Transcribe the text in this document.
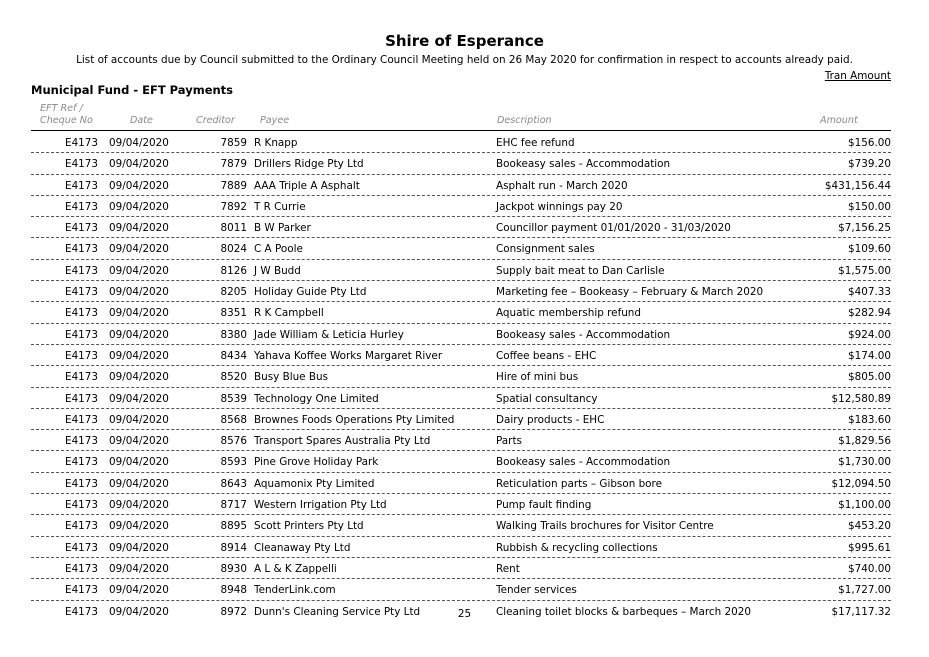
Shire of Esperance
List of accounts due by Council submitted to the Ordinary Council Meeting held on 26 May 2020 for confirmation in respect to accounts already paid.
Tran Amount
Municipal Fund - EFT Payments
EFT Ref /
Cheque No	Date	Creditor	Payee	Description	Amount
E4173 09/04/2020	7859 R Knapp	EHC fee refund	$156.00
E4173 09/04/2020	7879 Drillers Ridge Pty Ltd	Bookeasy sales - Accommodation	$739.20
E4173 09/04/2020	7889 AAA Triple A Asphalt	Asphalt run - March 2020	$431,156.44
E4173 09/04/2020	7892 T R Currie	Jackpot winnings pay 20	$150.00
E4173 09/04/2020	8011 B W Parker	Councillor payment 01/01/2020 - 31/03/2020	$7,156.25
E4173 09/04/2020	8024 C A Poole	Consignment sales	$109.60
E4173 09/04/2020	8126 J W Budd	Supply bait meat to Dan Carlisle	$1,575.00
E4173 09/04/2020	8205 Holiday Guide Pty Ltd	Marketing fee – Bookeasy – February & March 2020	$407.33
E4173 09/04/2020	8351 R K Campbell	Aquatic membership refund	$282.94
E4173 09/04/2020	8380 Jade William & Leticia Hurley	Bookeasy sales - Accommodation	$924.00
E4173 09/04/2020	8434 Yahava Koffee Works Margaret River	Coffee beans - EHC	$174.00
E4173 09/04/2020	8520 Busy Blue Bus	Hire of mini bus	$805.00
E4173 09/04/2020	8539 Technology One Limited	Spatial consultancy	$12,580.89
E4173 09/04/2020	8568 Brownes Foods Operations Pty Limited	Dairy products - EHC	$183.60
E4173 09/04/2020	8576 Transport Spares Australia Pty Ltd	Parts	$1,829.56
E4173 09/04/2020	8593 Pine Grove Holiday Park	Bookeasy sales - Accommodation	$1,730.00
E4173 09/04/2020	8643 Aquamonix Pty Limited	Reticulation parts – Gibson bore	$12,094.50
E4173 09/04/2020	8717 Western Irrigation Pty Ltd	Pump fault finding	$1,100.00
E4173 09/04/2020	8895 Scott Printers Pty Ltd	Walking Trails brochures for Visitor Centre	$453.20
E4173 09/04/2020	8914 Cleanaway Pty Ltd	Rubbish & recycling collections	$995.61
E4173 09/04/2020	8930 A L & K Zappelli	Rent	$740.00
E4173 09/04/2020	8948 TenderLink.com	Tender services	$1,727.00
E4173 09/04/2020	8972 Dunn's Cleaning Service Pty Ltd	Cleaning toilet blocks & barbeques – March 2020	$17,117.32
25
